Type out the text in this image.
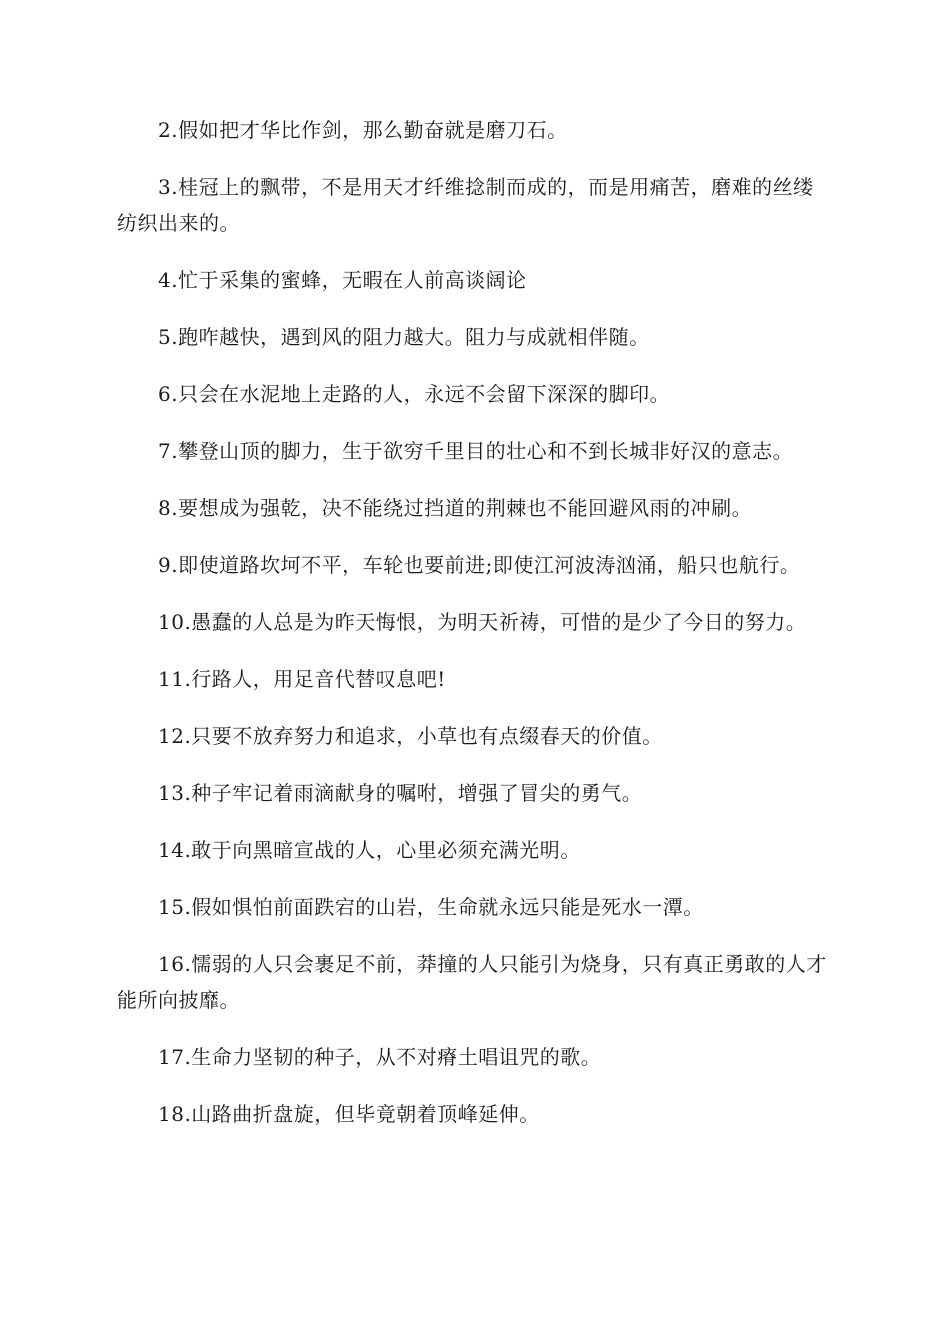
2.假如把才华比作剑，那么勤奋就是磨刀石。

3.桂冠上的飘带，不是用天才纤维捻制而成的，而是用痛苦，磨难的丝缕纺织出来的。

4.忙于采集的蜜蜂，无暇在人前高谈阔论

5.跑咋越快，遇到风的阻力越大。阻力与成就相伴随。

6.只会在水泥地上走路的人，永远不会留下深深的脚印。

7.攀登山顶的脚力，生于欲穷千里目的壮心和不到长城非好汉的意志。

8.要想成为强乾，决不能绕过挡道的荆棘也不能回避风雨的冲刷。

9.即使道路坎坷不平，车轮也要前进;即使江河波涛汹涌，船只也航行。

10.愚蠢的人总是为昨天悔恨，为明天祈祷，可惜的是少了今日的努力。

11.行路人，用足音代替叹息吧!

12.只要不放弃努力和追求，小草也有点缀春天的价值。

13.种子牢记着雨滴献身的嘱咐，增强了冒尖的勇气。

14.敢于向黑暗宣战的人，心里必须充满光明。

15.假如惧怕前面跌宕的山岩，生命就永远只能是死水一潭。

16.懦弱的人只会裹足不前，莽撞的人只能引为烧身，只有真正勇敢的人才能所向披靡。

17.生命力坚韧的种子，从不对瘠土唱诅咒的歌。

18.山路曲折盘旋，但毕竟朝着顶峰延伸。
